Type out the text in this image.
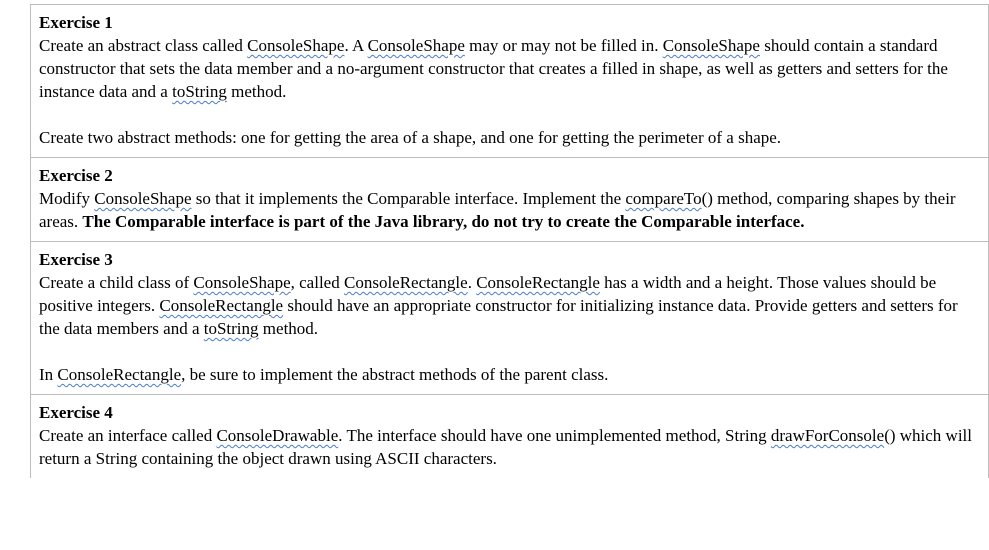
Exercise 1

Create an abstract class called ConsoleShape. A ConsoleShape may or may not be filled in. ConsoleShape should contain a standard constructor that sets the data member and a no-argument constructor that creates a filled in shape, as well as getters and setters for the instance data and a toString method.

Create two abstract methods: one for getting the area of a shape, and one for getting the perimeter of a shape.

Exercise 2

Modify ConsoleShape so that it implements the Comparable interface. Implement the compareTo() method, comparing shapes by their areas. The Comparable interface is part of the Java library, do not try to create the Comparable interface.

Exercise 3

Create a child class of ConsoleShape, called ConsoleRectangle. ConsoleRectangle has a width and a height. Those values should be positive integers. ConsoleRectangle should have an appropriate constructor for initializing instance data. Provide getters and setters for the data members and a toString method.

In ConsoleRectangle, be sure to implement the abstract methods of the parent class.

Exercise 4

Create an interface called ConsoleDrawable. The interface should have one unimplemented method, String drawForConsole() which will return a String containing the object drawn using ASCII characters.
